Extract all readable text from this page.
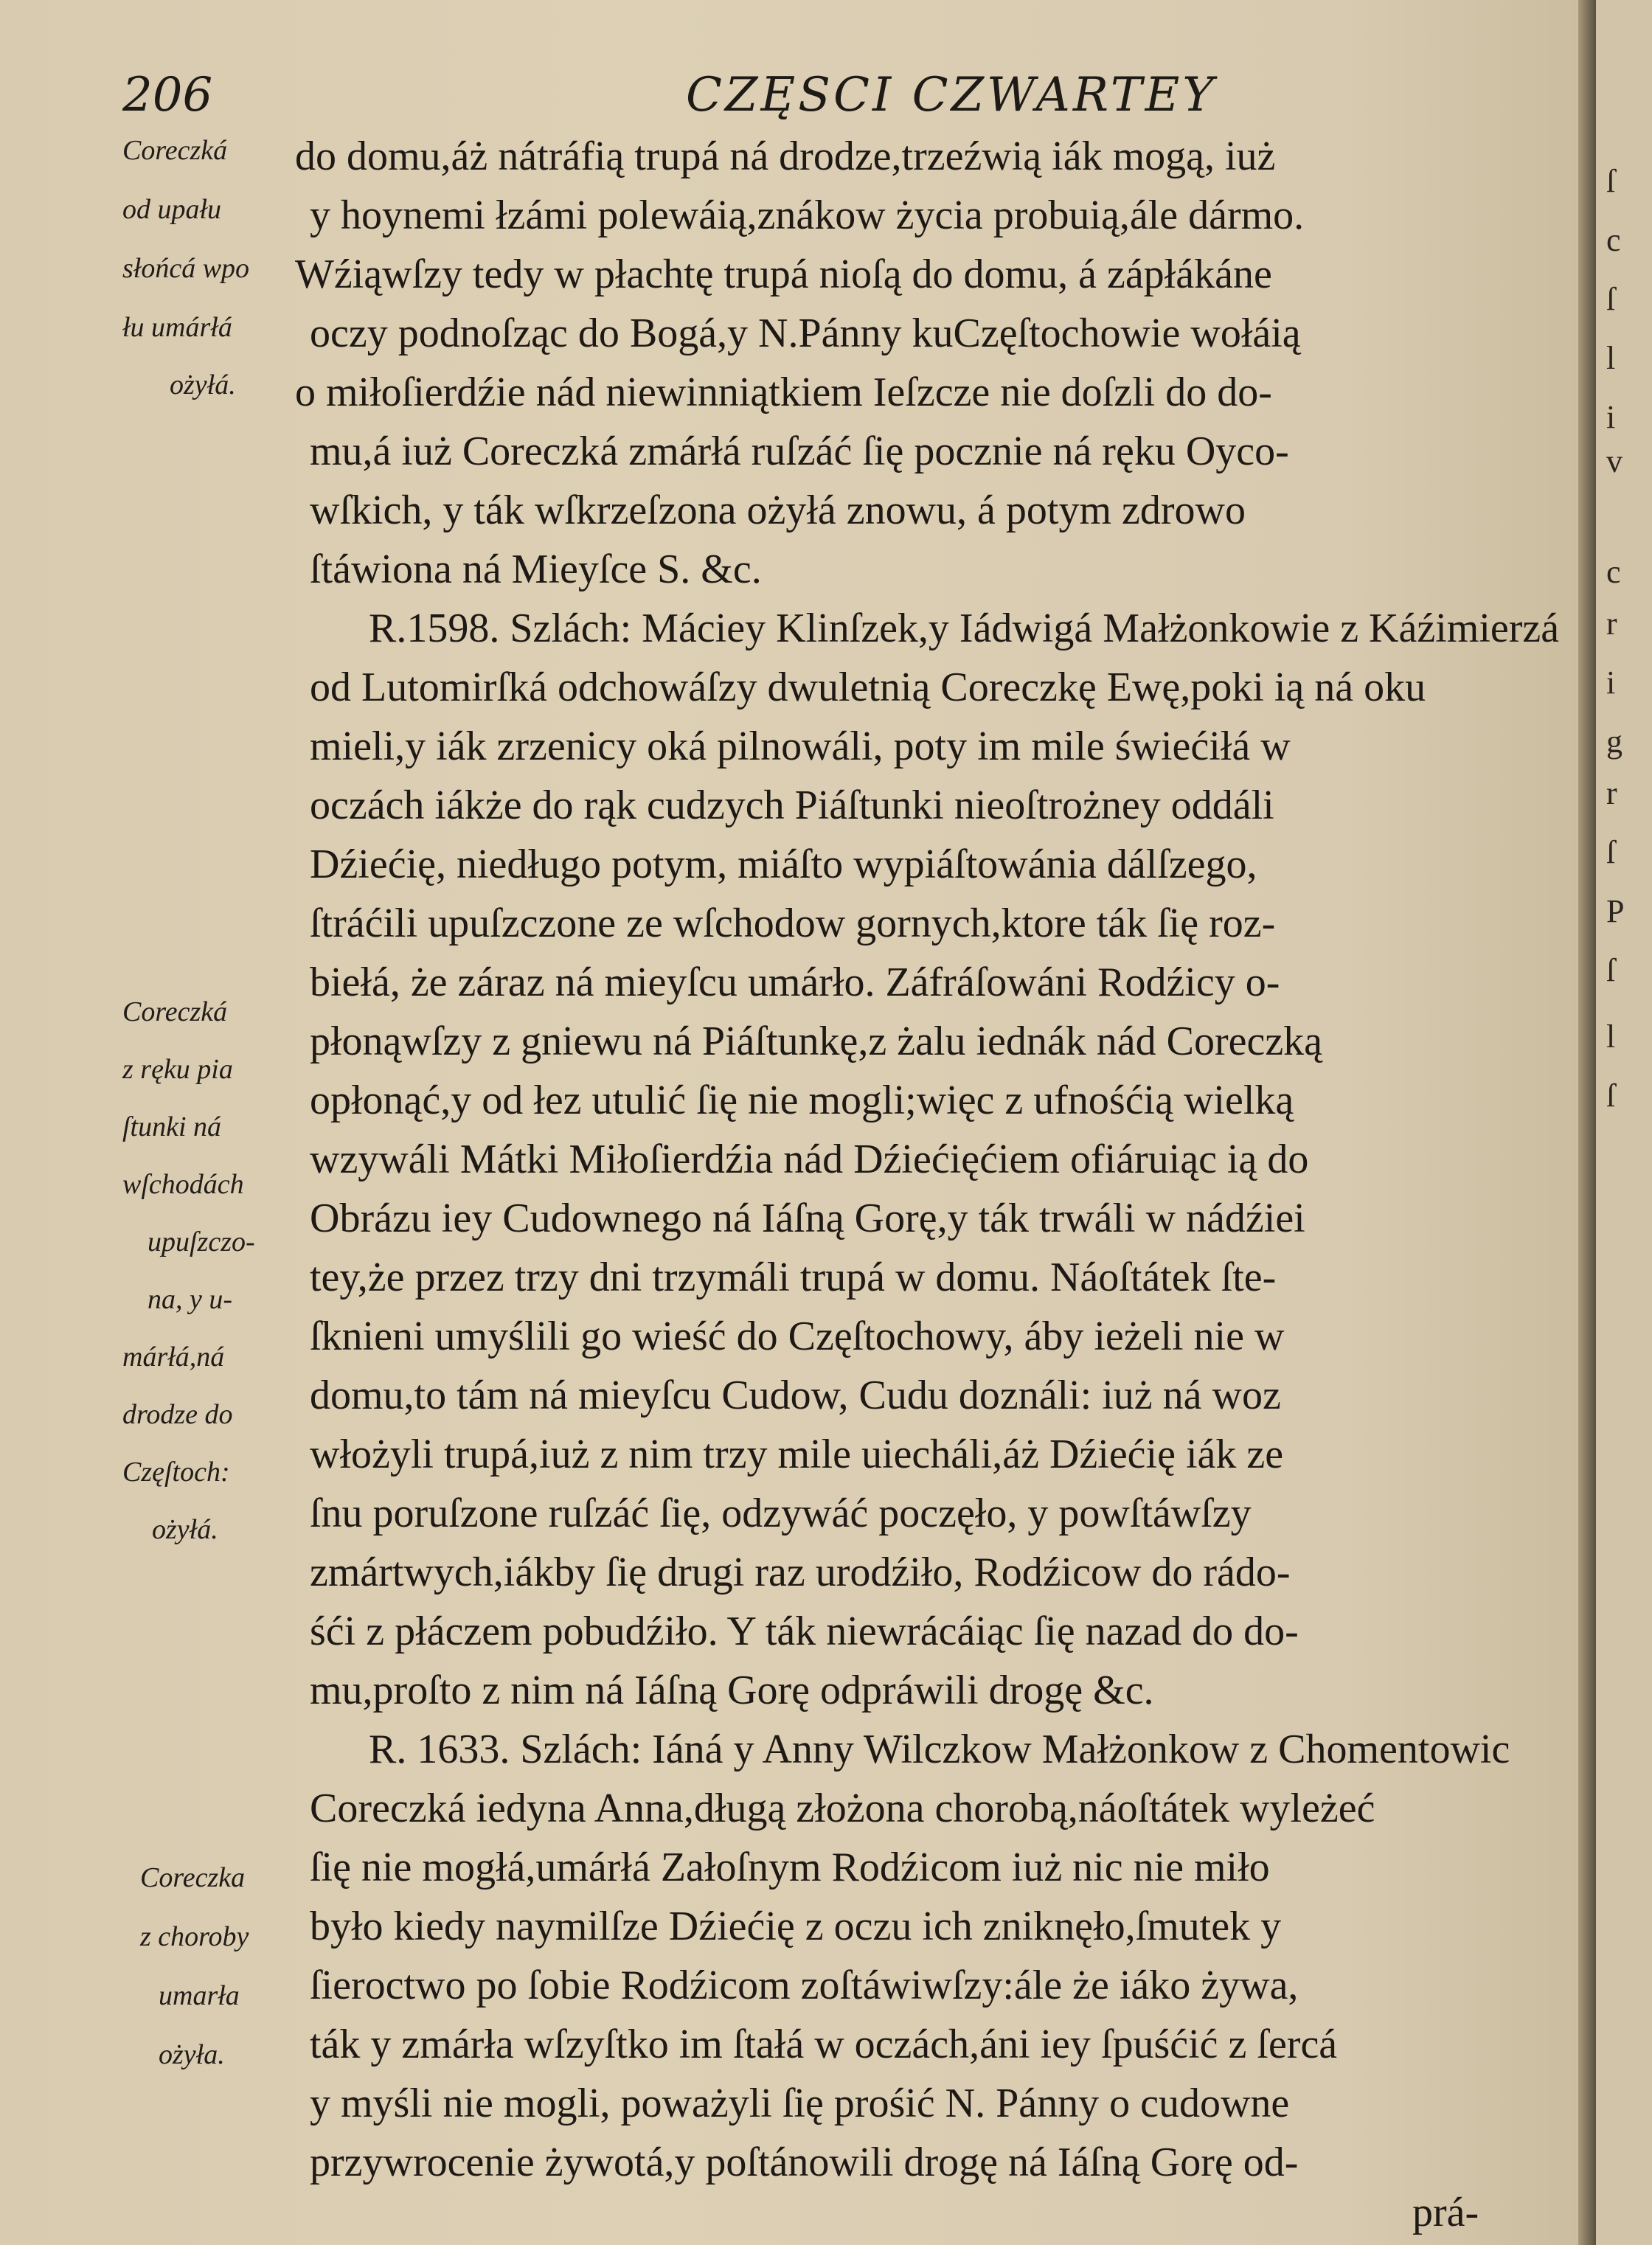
206	CZĘSCI CZWARTEY

Coreczká

od upału

słońcá wpo

łu umárłá

ożyłá.

Coreczká

z ręku pia

ſtunki ná

wſchodách

upuſzczo-

na, y u-

márłá,ná

drodze do

Częſtoch:

ożyłá.

Coreczka

z choroby

umarła

ożyła.

do domu,áż nátráfią trupá ná drodze,trzeźwią iák mogą, iuż

y hoynemi łzámi polewáią,znákow życia probuią,ále dármo.

Wźiąwſzy tedy w płachtę trupá nioſą do domu, á zápłákáne

oczy podnoſząc do Bogá,y N.Pánny kuCzęſtochowie wołáią

o miłoſierdźie nád niewinniątkiem Ieſzcze nie doſzli do do-

mu,á iuż Coreczká zmárłá ruſzáć ſię pocznie ná ręku Oyco-

wſkich, y ták wſkrzeſzona ożyłá znowu, á potym zdrowo

ſtáwiona ná Mieyſce S. &c.

R.1598. Szlách: Máciey Klinſzek,y Iádwigá Małżonkowie z Káźimierzá

od Lutomirſká odchowáſzy dwuletnią Coreczkę Ewę,poki ią ná oku

mieli,y iák zrzenicy oká pilnowáli, poty im mile świećiłá w

oczách iákże do rąk cudzych Piáſtunki nieoſtrożney oddáli

Dźiećię, niedługo potym, miáſto wypiáſtowánia dálſzego,

ſtráćili upuſzczone ze wſchodow gornych,ktore ták ſię roz-

biełá, że záraz ná mieyſcu umárło. Záfráſowáni Rodźicy o-

płonąwſzy z gniewu ná Piáſtunkę,z żalu iednák nád Coreczką

opłonąć,y od łez utulić ſię nie mogli;więc z ufnośćią wielką

wzywáli Mátki Miłoſierdźia nád Dźiećięćiem ofiáruiąc ią do

Obrázu iey Cudownego ná Iáſną Gorę,y ták trwáli w nádźiei

tey,że przez trzy dni trzymáli trupá w domu. Náoſtátek ſte-

ſknieni umyślili go wieść do Częſtochowy, áby ieżeli nie w

domu,to tám ná mieyſcu Cudow, Cudu doználi: iuż ná woz

włożyli trupá,iuż z nim trzy mile uiecháli,áż Dźiećię iák ze

ſnu poruſzone ruſzáć ſię, odzywáć poczęło, y powſtáwſzy

zmártwych,iákby ſię drugi raz urodźiło, Rodźicow do rádo-

śći z płáczem pobudźiło. Y ták niewrácáiąc ſię nazad do do-

mu,proſto z nim ná Iáſną Gorę odpráwili drogę &c.

R. 1633. Szlách: Iáná y Anny Wilczkow Małżonkow z Chomentowic

Coreczká iedyna Anna,długą złożona chorobą,náoſtátek wyleżeć

ſię nie mogłá,umárłá Załoſnym Rodźicom iuż nic nie miło

było kiedy naymilſze Dźiećię z oczu ich zniknęło,ſmutek y

ſieroctwo po ſobie Rodźicom zoſtáwiwſzy:ále że iáko żywa,

ták y zmárła wſzyſtko im ſtałá w oczách,áni iey ſpuśćić z ſercá

y myśli nie mogli, poważyli ſię prośić N. Pánny o cudowne

przywrocenie żywotá,y poſtánowili drogę ná Iáſną Gorę od-

prá-

ſ
c
ſ
l
i
v
c
r
i
g
r
ſ
P
ſ
l
ſ
